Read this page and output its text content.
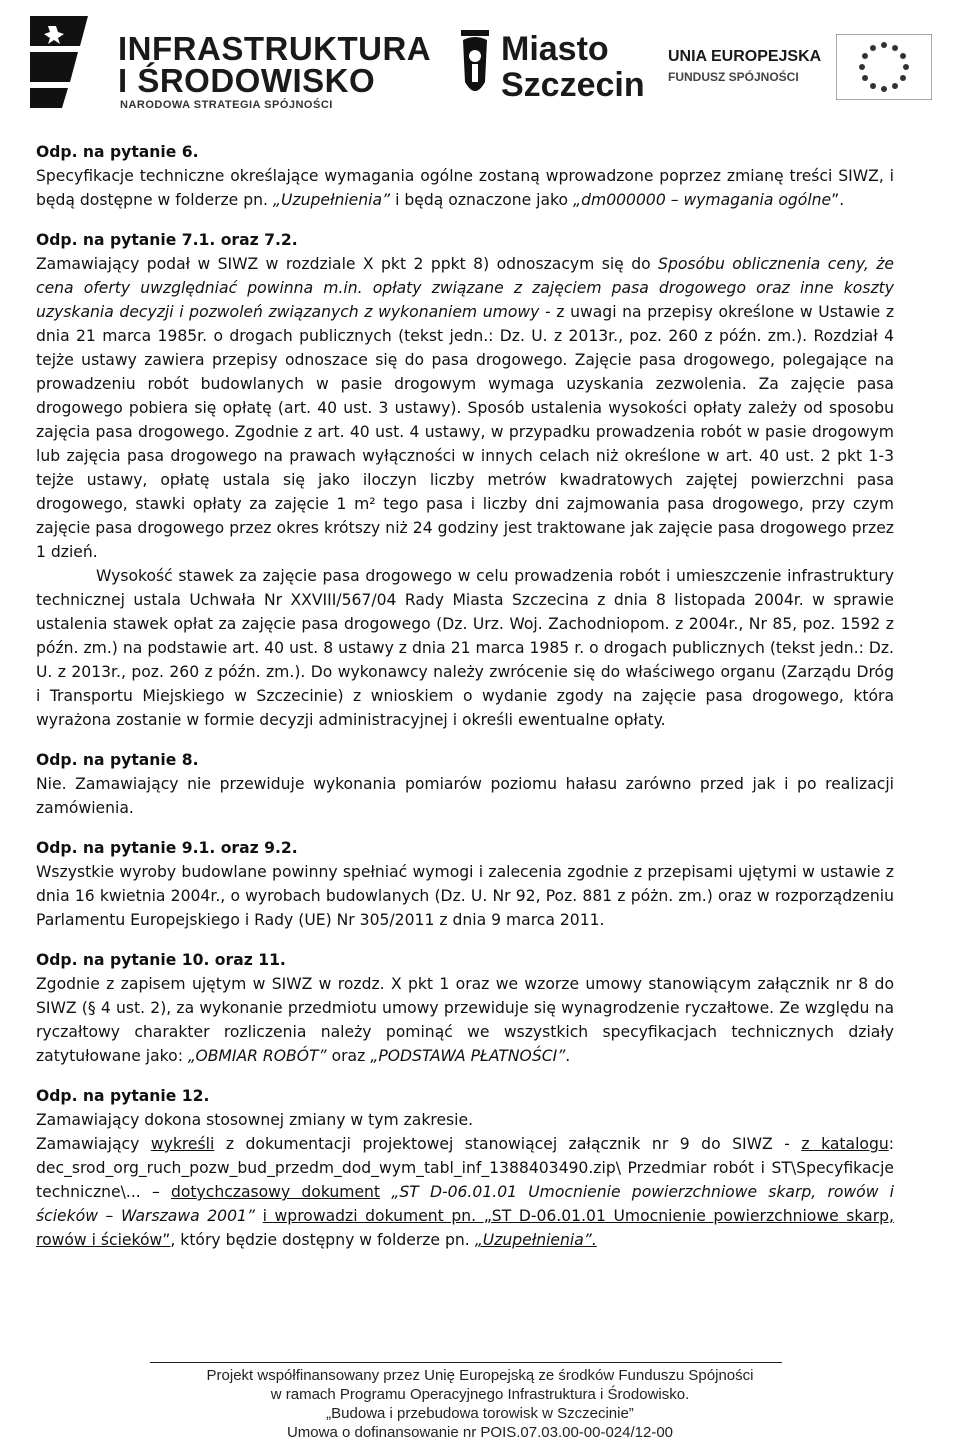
INFRASTRUKTURA
I ŚRODOWISKO
NARODOWA STRATEGIA SPÓJNOŚCI
Miasto
Szczecin
UNIA EUROPEJSKA
FUNDUSZ SPÓJNOŚCI

Odp. na pytanie 6.

Specyfikacje techniczne określające wymagania ogólne zostaną wprowadzone poprzez zmianę treści SIWZ, i będą dostępne w folderze pn. „Uzupełnienia” i będą oznaczone jako „dm000000 – wymagania ogólne”.

Odp. na pytanie 7.1. oraz 7.2.

Zamawiający podał w SIWZ w rozdziale X pkt 2 ppkt 8) odnoszacym się do Sposóbu oblicznenia ceny, że cena oferty uwzględniać powinna m.in. opłaty związane z zajęciem pasa drogowego oraz inne koszty uzyskania decyzji i pozwoleń związanych z wykonaniem umowy - z uwagi na przepisy określone w Ustawie z dnia 21 marca 1985r. o drogach publicznych (tekst jedn.: Dz. U. z 2013r., poz. 260 z późn. zm.). Rozdział 4 tejże ustawy zawiera przepisy odnoszace się do pasa drogowego. Zajęcie pasa drogowego, polegające na prowadzeniu robót budowlanych w pasie drogowym wymaga uzyskania zezwolenia. Za zajęcie pasa drogowego pobiera się opłatę (art. 40 ust. 3 ustawy). Sposób ustalenia wysokości opłaty zależy od sposobu zajęcia pasa drogowego. Zgodnie z art. 40 ust. 4 ustawy, w przypadku prowadzenia robót w pasie drogowym lub zajęcia pasa drogowego na prawach wyłączności w innych celach niż określone w art. 40 ust. 2 pkt 1-3 tejże ustawy, opłatę ustala się jako iloczyn liczby metrów kwadratowych zajętej powierzchni pasa drogowego, stawki opłaty za zajęcie 1 m² tego pasa i liczby dni zajmowania pasa drogowego, przy czym zajęcie pasa drogowego przez okres krótszy niż 24 godziny jest traktowane jak zajęcie pasa drogowego przez 1 dzień.

Wysokość stawek za zajęcie pasa drogowego w celu prowadzenia robót i umieszczenie infrastruktury technicznej ustala Uchwała Nr XXVIII/567/04 Rady Miasta Szczecina z dnia 8 listopada 2004r. w sprawie ustalenia stawek opłat za zajęcie pasa drogowego (Dz. Urz. Woj. Zachodniopom. z 2004r., Nr 85, poz. 1592 z późn. zm.) na podstawie art. 40 ust. 8 ustawy z dnia 21 marca 1985 r. o drogach publicznych (tekst jedn.: Dz. U. z 2013r., poz. 260 z późn. zm.). Do wykonawcy należy zwrócenie się do właściwego organu (Zarządu Dróg i Transportu Miejskiego w Szczecinie) z wnioskiem o wydanie zgody na zajęcie pasa drogowego, która wyrażona zostanie w formie decyzji administracyjnej i określi ewentualne opłaty.

Odp. na pytanie 8.

Nie. Zamawiający nie przewiduje wykonania pomiarów poziomu hałasu zarówno przed jak i po realizacji zamówienia.

Odp. na pytanie 9.1. oraz 9.2.

Wszystkie wyroby budowlane powinny spełniać wymogi i zalecenia zgodnie z przepisami ujętymi w ustawie z dnia 16 kwietnia 2004r., o wyrobach budowlanych (Dz. U. Nr 92, Poz. 881 z póżn. zm.) oraz w rozporządzeniu Parlamentu Europejskiego i Rady (UE) Nr 305/2011 z dnia 9 marca 2011.

Odp. na pytanie 10. oraz 11.

Zgodnie z zapisem ujętym w SIWZ w rozdz. X pkt 1 oraz we wzorze umowy stanowiącym załącznik nr 8 do SIWZ (§ 4 ust. 2), za wykonanie przedmiotu umowy przewiduje się wynagrodzenie ryczałtowe. Ze względu na ryczałtowy charakter rozliczenia należy pominąć we wszystkich specyfikacjach technicznych działy zatytułowane jako: „OBMIAR ROBÓT” oraz „PODSTAWA PŁATNOŚCI”.

Odp. na pytanie 12.

Zamawiający dokona stosownej zmiany w tym zakresie.

Zamawiający wykreśli z dokumentacji projektowej stanowiącej załącznik nr 9 do SIWZ - z katalogu: dec_srod_org_ruch_pozw_bud_przedm_dod_wym_tabl_inf_1388403490.zip\ Przedmiar robót i ST\Specyfikacje techniczne\... – dotychczasowy dokument „ST D-06.01.01 Umocnienie powierzchniowe skarp, rowów i ścieków – Warszawa 2001” i wprowadzi dokument pn. „ST D-06.01.01 Umocnienie powierzchniowe skarp, rowów i ścieków”, który będzie dostępny w folderze pn. „Uzupełnienia”.

Projekt współfinansowany przez Unię Europejską ze środków Funduszu Spójności
w ramach Programu Operacyjnego Infrastruktura i Środowisko.
„Budowa i przebudowa torowisk w Szczecinie”
Umowa o dofinansowanie nr POIS.07.03.00-00-024/12-00
